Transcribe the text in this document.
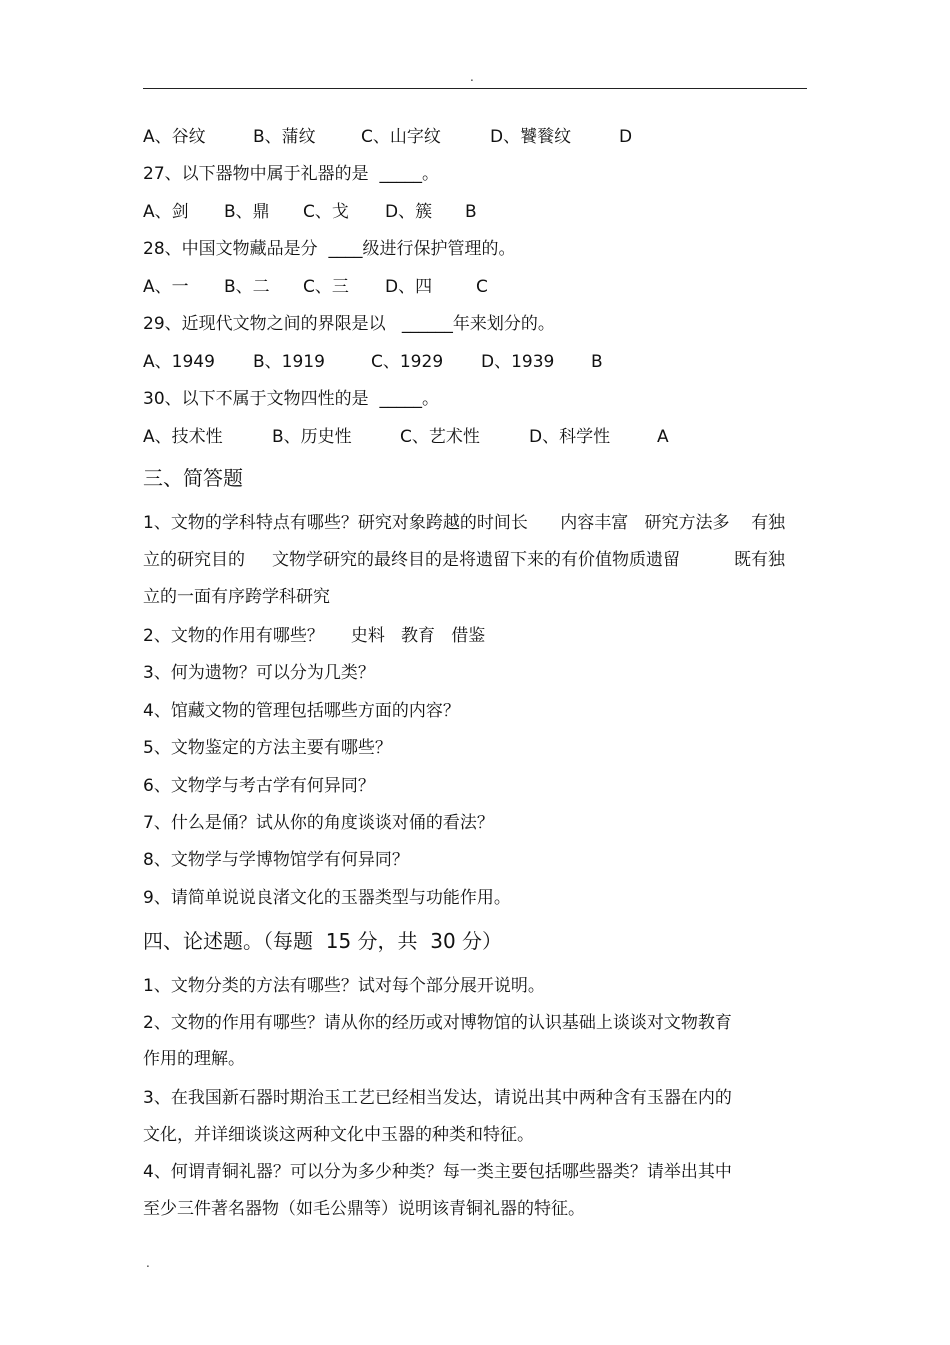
.
A、谷纹	B、蒲纹	C、山字纹	D、饕餮纹	D
27、以下器物中属于礼器的是  _____。
A、剑 B、鼎 C、戈 D、簇 B
28、中国文物藏品是分  ____级进行保护管理的。
A、一 B、二 C、三 D、四	C
29、近现代文物之间的界限是以   ______年来划分的。
A、1949 B、1919	C、1929 D、1939 B
30、以下不属于文物四性的是  _____。
A、技术性	B、历史性	C、艺术性	D、科学性	A
三、简答题
1、文物的学科特点有哪些？研究对象跨越的时间长      内容丰富   研究方法多    有独
立的研究目的     文物学研究的最终目的是将遗留下来的有价值物质遗留          既有独
立的一面有序跨学科研究
2、文物的作用有哪些？     史料   教育   借鉴
3、何为遗物？可以分为几类？
4、馆藏文物的管理包括哪些方面的内容？
5、文物鉴定的方法主要有哪些？
6、文物学与考古学有何异同？
7、什么是俑？试从你的角度谈谈对俑的看法？
8、文物学与学博物馆学有何异同？
9、请简单说说良渚文化的玉器类型与功能作用。
四、论述题。（每题  15 分，共  30 分）
1、文物分类的方法有哪些？试对每个部分展开说明。
2、文物的作用有哪些？请从你的经历或对博物馆的认识基础上谈谈对文物教育
作用的理解。
3、在我国新石器时期治玉工艺已经相当发达，请说出其中两种含有玉器在内的
文化，并详细谈谈这两种文化中玉器的种类和特征。
4、何谓青铜礼器？可以分为多少种类？每一类主要包括哪些器类？请举出其中
至少三件著名器物（如毛公鼎等）说明该青铜礼器的特征。
.
